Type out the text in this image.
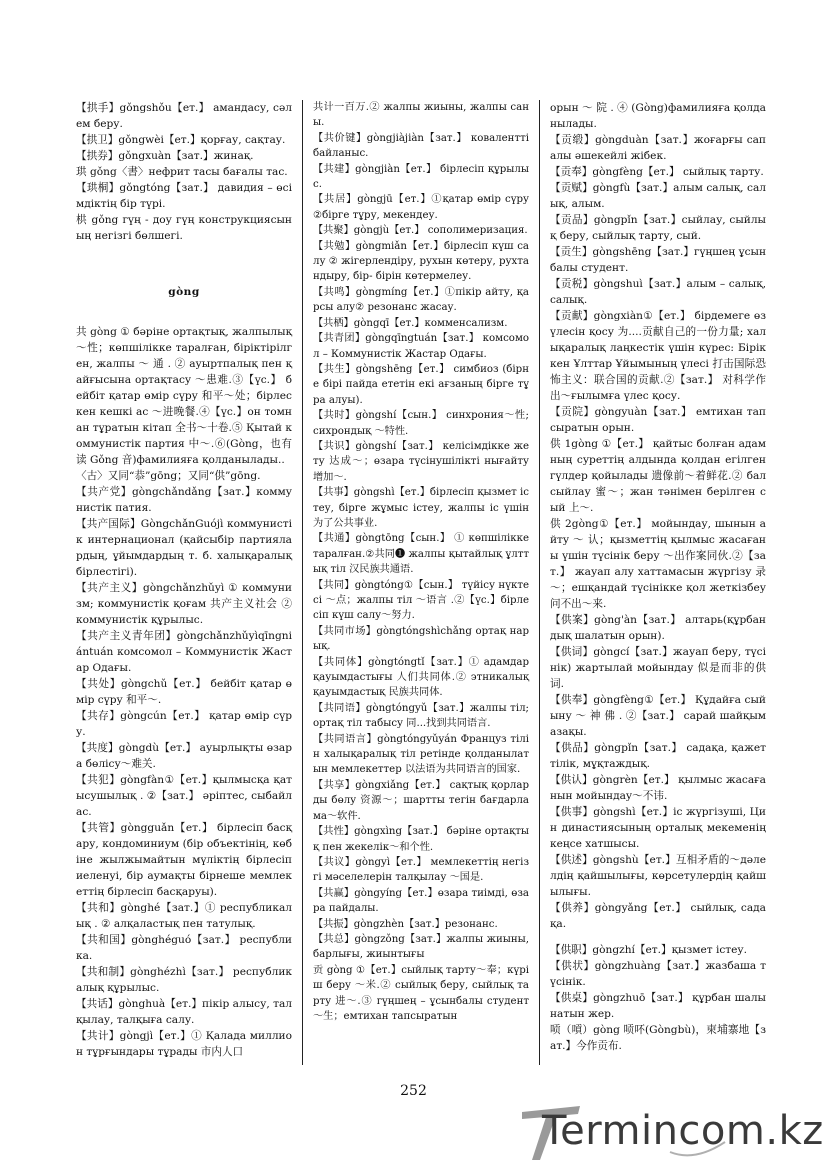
【拱手】gǒngshǒu【ет.】 амандасу, сәлем беру.

【拱卫】gǒngwèi【ет.】қорғау, сақтау.

【拱券】gǒngxuàn【зат.】жинақ.

珙 gǒng〈書〉нефрит тасы бағалы тас.

【珙桐】gǒngtóng【зат.】 давидия – өсімдіктің бір түрі.

栱 gǒng гүң - доу гүң конструкциясының негізгі бөлшегі.

gòng

共 gòng ① бәріне ортақтық, жалпылық～性；көпшілікке таралған, біріктірілген, жалпы ～ 通 . ② ауыртпалық пен қайғысына ортақтасу ～患难.③【үс.】 бейбіт қатар өмір сүру 和平～处；бірлескен кешкі ас ～进晚餐.④【үс.】он томнан тұратын кітап 全书～十卷.⑤ Қытай коммунистік партия 中～.⑥(Gòng，也有读 Gǒng 音)фамилияға қолданылады..

〈古〉又同“恭”gōng；又同“供”gōng.

【共产党】gòngchǎndǎng【зат.】коммунистік патия.

【共产国际】GòngchǎnGuójì коммунистік интернационал (қайсыбір партиялардың, ұйымдардың т. б. халықаралық бірлестігі).

【共产主义】gòngchǎnzhǔyì ① коммунизм; коммунистік қоғам 共产主义社会 ② коммунистік құрылыс.

【共产主义青年团】gòngchǎnzhǔyìqīngniántuán комсомол – Коммунистік Жастар Одағы.

【共处】gòngchǔ【ет.】 бейбіт қатар өмір сүру 和平～.

【共存】gòngcún【ет.】 қатар өмір сүру.

【共度】gòngdù【ет.】 ауырлықты өзара бөлісу～难关.

【共犯】gòngfàn①【ет.】қылмысқа қатысушылық . ②【зат.】 әріптес, сыбайлас.

【共管】gòngguǎn【ет.】 бірлесіп басқару, кондоминиум (бір объектінің, көбіне жылжымайтын мүліктің бірлесіп иеленуі, бір аумақты бірнеше мемлекеттің бірлесіп басқаруы).

【共和】gònghé【зат.】① республикалық . ② алқаластық пен татулық.

【共和国】gònghéguó【зат.】 республика.

【共和制】gònghézhì【зат.】 республикалық құрылыс.

【共话】gònghuà【ет.】пікір алысу, талқылау, талқыға салу.

【共计】gòngjì【ет.】① Қалада миллион тұрғындары тұрады 市内人口

共计一百万.② жалпы жиыны, жалпы саны.

【共价键】gòngjiàjiàn【зат.】 коваленттi байланыс.

【共建】gòngjiàn【ет.】 бірлесіп құрылыс.

【共居】gòngjū【ет.】①қатар өмір сүру ②бірге тұру, мекендеу.

【共聚】gòngjù【ет.】 сополимеризация.

【共勉】gòngmiǎn【ет.】бірлесіп күш салу ② жігерлендіру, рухын көтеру, рухтандыру, бір- бірін көтермелеу.

【共鸣】gòngmíng【ет.】①пікір айту, қарсы алу② резонанс жасау.

【共栖】gòngqī【ет.】комменсализм.

【共青团】gòngqīngtuán【зат.】 комсомол – Коммунистік Жастар Одағы.

【共生】gòngshēng【ет.】 симбиоз (бірне бірі пайда ететін екі ағзаның бірге тұра алуы).

【共时】gòngshí【сын.】 синхрония～性; сихрондық ～特性.

【共识】gòngshí【зат.】 келісімдікке жету 达成～；өзара түсінушілікті нығайту 增加～.

【共事】gòngshì【ет.】бірлесіп қызмет істеу, бірге жұмыс істеу, жалпы іс үшін 为了公共事业.

【共通】gòngtōng【сын.】 ① көпшілікке таралған.②共同❶ жалпы қытайлық ұлттық тіл 汉民族共通语.

【共同】gòngtóng①【сын.】 түйісу нүктесі ～点；жалпы тіл ～语言 .②【үс.】бірлесіп күш салу～努力.

【共同市场】gòngtóngshìchǎng ортақ нарық.

【共同体】gòngtóngtǐ【зат.】① адамдар қауымдастығы 人们共同体.② этникалық қауымдастық 民族共同体.

【共同语】gòngtóngyǔ【зат.】жалпы тіл; ортақ тіл табысу 同...找到共同语言.

【共同语言】gòngtóngyǔyán Француз тілін халықаралық тіл ретінде қолданылатын мемлекеттер 以法语为共同语言的国家.

【共享】gòngxiǎng【ет.】 сақтық қорларды бөлу 资源～；шартты тегін бағдарлама～软件.

【共性】gòngxìng【зат.】 бәріне ортақтық пен жекелік～和个性.

【共议】gòngyì【ет.】 мемлекеттің негізгі мәселелерін талқылау ～国是.

【共赢】gòngyíng【ет.】өзара тиімді, өзара пайдалы.

【共振】gòngzhèn【зат.】резонанс.

【共总】gòngzǒng【зат.】жалпы жиыны, барлығы, жиынтығы

贡 gòng ①【ет.】сыйлық тарту～奉；күріш беру ～米.② сыйлық беру, сыйлық тарту 进～.③ гүңшең – ұсынбалы студент ～生；емтихан тапсыратын

орын ～ 院 . ④ (Gòng)фамилияға қолданылады.

【贡缎】gòngduàn【зат.】жоғарғы сапалы әшекейлі жібек.

【贡奉】gòngfèng【ет.】 сыйлық тарту.

【贡赋】gòngfù【зат.】алым салық, салық, алым.

【贡品】gòngpǐn【зат.】сыйлау, сыйлық беру, сыйлық тарту, сый.

【贡生】gòngshēng【зат.】гүңшең ұсынбалы студент.

【贡税】gòngshuì【зат.】алым – салық, салық.

【贡献】gòngxiàn①【ет.】 бірдемеге өз үлесін қосу 为....贡献自己的一份力量; халықаралық лаңкестік үшін күрес: Біріккен Ұлттар Ұйымының үлесі 打击国际恐怖主义：联合国的贡献.②【зат.】 对科学作出～ғылымға үлес қосу.

【贡院】gòngyuàn【зат.】 емтихан тапсыратын орын.

供 1gòng ①【ет.】 қайтыс болған адамның суреттің алдында қолдан егілген гүлдер қойылады 遗像前～着鲜花.② бал сыйлау 蜜～；жан тәнімен берілген сый 上～.

供 2gòng①【ет.】 мойындау, шынын айту ～ 认；қызметтің қылмыс жасағаны үшін түсінік беру ～出作案同伙.②【зат.】 жауап алу хаттамасын жүргізу 录～；ешқандай түсінікке қол жеткізбеу 问不出～来.

【供案】gòng'àn【зат.】 алтарь(құрбандық шалатын орын).

【供词】gòngcí【зат.】жауап беру, түсінік) жартылай мойындау 似是而非的供词.

【供奉】gòngfèng①【ет.】 Құдайға сыйыну ～ 神 佛 . ②【зат.】 сарай шайқымазақы.

【供品】gòngpǐn【зат.】 садақа, қажеттілік, мұқтаждық.

【供认】gòngrèn【ет.】 қылмыс жасағанын мойындау～不讳.

【供事】gòngshì【ет.】іс жүргізуші, Цин династиясының орталық мекеменің кеңсе хатшысы.

【供述】gòngshù【ет.】互相矛盾的～дәлелдің қайшылығы, көрсетулердің қайшылығы.

【供养】gòngyǎng【ет.】 сыйлық, садақа.

【供职】gòngzhí【ет.】қызмет істеу.

【供状】gòngzhuàng【зат.】жазбаша түсінік.

【供桌】gòngzhuō【зат.】 құрбан шалынатын жер.

唝（嗊）gòng 唝吥(Gòngbù)，柬埔寨地【зат.】今作贡布.

252
Termincom.kz
